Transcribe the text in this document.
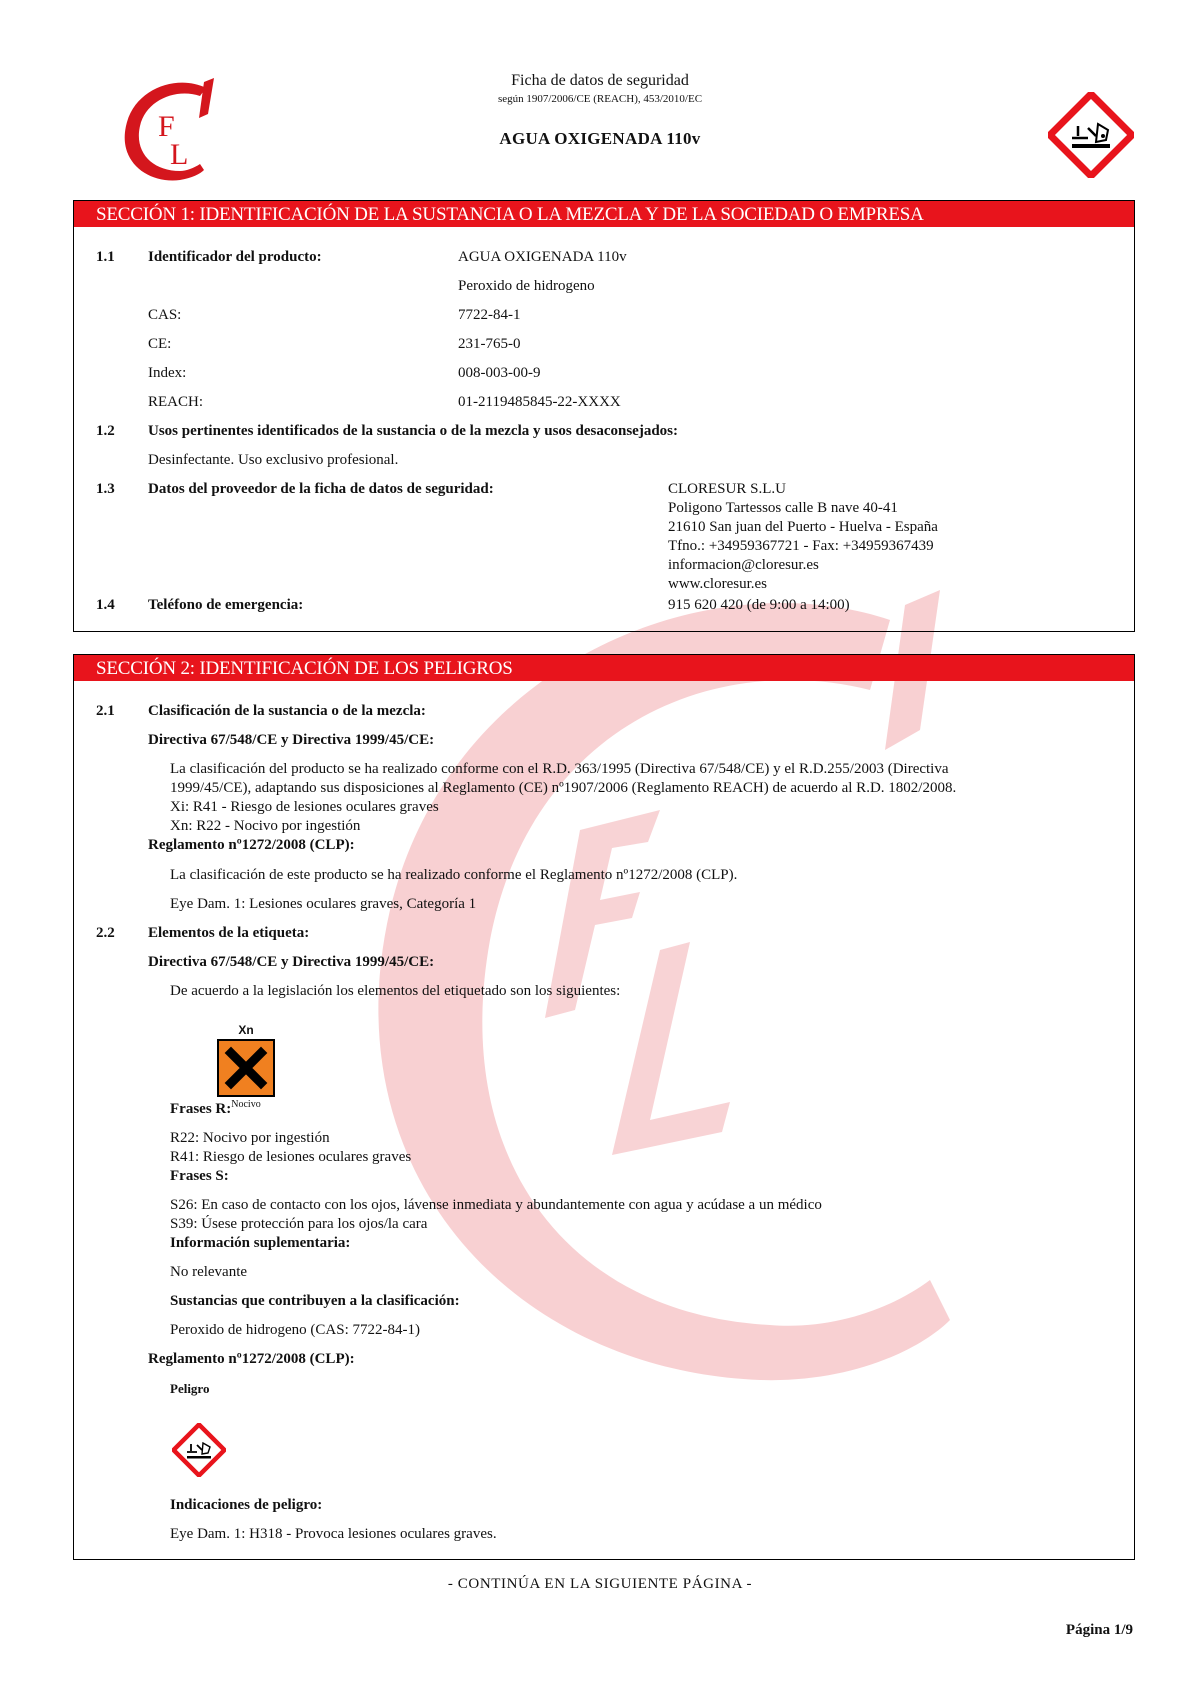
F
L
Ficha de datos de seguridad
según 1907/2006/CE (REACH), 453/2010/EC
AGUA OXIGENADA 110v
SECCIÓN 1: IDENTIFICACIÓN DE LA SUSTANCIA O LA MEZCLA Y DE LA SOCIEDAD O EMPRESA
1.1 Identificador del producto:	AGUA OXIGENADA 110v
Peroxido de hidrogeno
CAS:	7722-84-1
CE:	231-765-0
Index:	008-003-00-9
REACH:	01-2119485845-22-XXXX
1.2 Usos pertinentes identificados de la sustancia o de la mezcla y usos desaconsejados:
Desinfectante. Uso exclusivo profesional.
1.3 Datos del proveedor de la ficha de datos de seguridad:	CLORESUR S.L.U
Poligono Tartessos calle B nave 40-41
21610 San juan del Puerto - Huelva - España
Tfno.: +34959367721 - Fax: +34959367439
informacion@cloresur.es
www.cloresur.es
1.4 Teléfono de emergencia:	915 620 420 (de 9:00 a 14:00)
SECCIÓN 2: IDENTIFICACIÓN DE LOS PELIGROS
2.1 Clasificación de la sustancia o de la mezcla:
Directiva 67/548/CE y Directiva 1999/45/CE:
La clasificación del producto se ha realizado conforme con el R.D. 363/1995 (Directiva 67/548/CE) y el R.D.255/2003 (Directiva
1999/45/CE), adaptando sus disposiciones al Reglamento (CE) nº1907/2006 (Reglamento REACH) de acuerdo al R.D. 1802/2008.
Xi: R41 - Riesgo de lesiones oculares graves
Xn: R22 - Nocivo por ingestión
Reglamento nº1272/2008 (CLP):
La clasificación de este producto se ha realizado conforme el Reglamento nº1272/2008 (CLP).
Eye Dam. 1: Lesiones oculares graves, Categoría 1
2.2 Elementos de la etiqueta:
Directiva 67/548/CE y Directiva 1999/45/CE:
De acuerdo a la legislación los elementos del etiquetado son los siguientes:
Xn
Nocivo
Frases R:
R22: Nocivo por ingestión
R41: Riesgo de lesiones oculares graves
Frases S:
S26: En caso de contacto con los ojos, lávense inmediata y abundantemente con agua y acúdase a un médico
S39: Úsese protección para los ojos/la cara
Información suplementaria:
No relevante
Sustancias que contribuyen a la clasificación:
Peroxido de hidrogeno (CAS: 7722-84-1)
Reglamento nº1272/2008 (CLP):
Peligro
Indicaciones de peligro:
Eye Dam. 1: H318 - Provoca lesiones oculares graves.
- CONTINÚA EN LA SIGUIENTE PÁGINA -
Página 1/9
